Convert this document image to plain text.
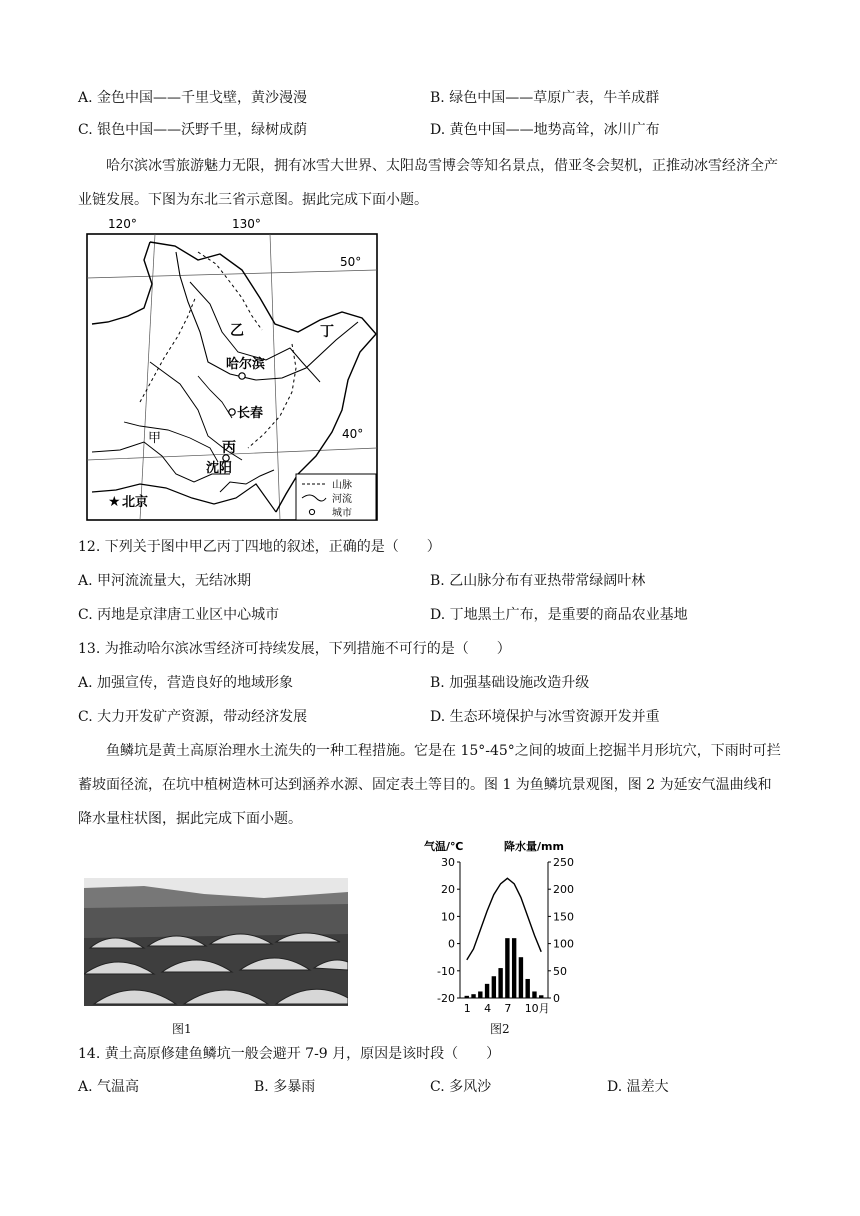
A. 金色中国——千里戈壁，黄沙漫漫	B. 绿色中国——草原广表，牛羊成群
C. 银色中国——沃野千里，绿树成荫	D. 黄色中国——地势高耸，冰川广布
哈尔滨冰雪旅游魅力无限，拥有冰雪大世界、太阳岛雪博会等知名景点，借亚冬会契机，正推动冰雪经济全产业链发展。下图为东北三省示意图。据此完成下面小题。
★
120°	130°
50°
40°
乙	丁
甲
丙
哈尔滨
长春
沈阳
北京
山脉
河流
城市
12. 下列关于图中甲乙丙丁四地的叙述，正确的是（　　）
A. 甲河流流量大，无结冰期	B. 乙山脉分布有亚热带常绿阔叶林
C. 丙地是京津唐工业区中心城市	D. 丁地黑土广布，是重要的商品农业基地
13. 为推动哈尔滨冰雪经济可持续发展，下列措施不可行的是（　　）
A. 加强宣传，营造良好的地域形象	B. 加强基础设施改造升级
C. 大力开发矿产资源，带动经济发展	D. 生态环境保护与冰雪资源开发并重
鱼鳞坑是黄土高原治理水土流失的一种工程措施。它是在 15°-45°之间的坡面上挖掘半月形坑穴，下雨时可拦蓄坡面径流，在坑中植树造林可达到涵养水源、固定表土等目的。图 1 为鱼鳞坑景观图，图 2 为延安气温曲线和降水量柱状图，据此完成下面小题。
图1
气温/℃	降水量/mm
30
20
10
0
-10
-20
250
200
150
100
50
0
1 4 7 10月
图2
14. 黄土高原修建鱼鳞坑一般会避开 7-9 月，原因是该时段（　　）
A. 气温高	B. 多暴雨	C. 多风沙	D. 温差大
